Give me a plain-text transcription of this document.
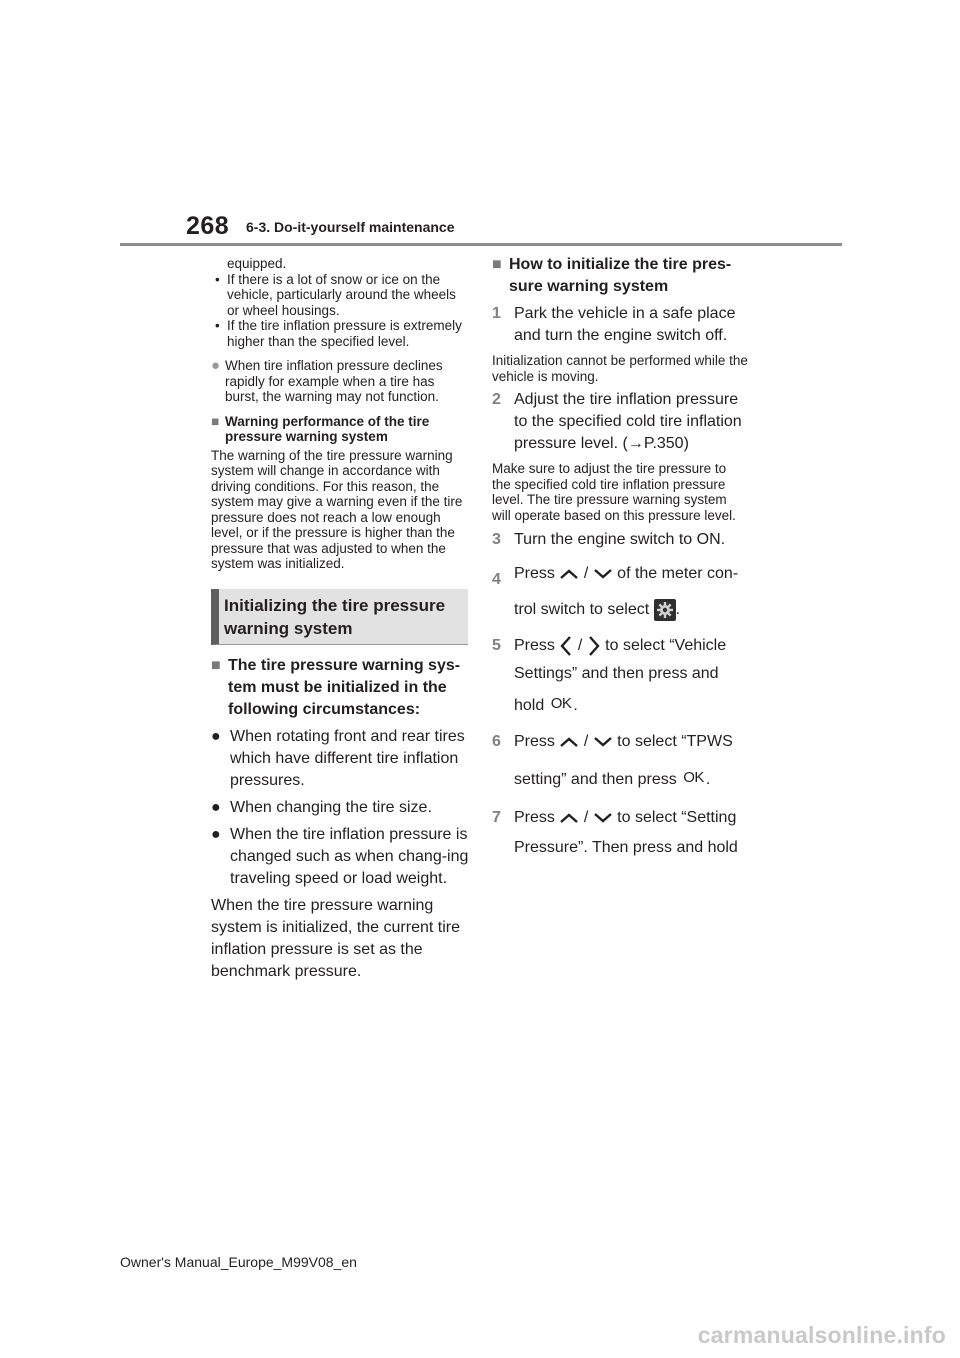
268 6-3. Do-it-yourself maintenance
equipped.
• If there is a lot of snow or ice on the vehicle, particularly around the wheels or wheel housings.
• If the tire inflation pressure is extremely higher than the specified level.
● When tire inflation pressure declines rapidly for example when a tire has burst, the warning may not function.
■ Warning performance of the tire pressure warning system
The warning of the tire pressure warning system will change in accordance with driving conditions. For this reason, the system may give a warning even if the tire pressure does not reach a low enough level, or if the pressure is higher than the pressure that was adjusted to when the system was initialized.
Initializing the tire pressure warning system
■ The tire pressure warning sys-tem must be initialized in the following circumstances:
● When rotating front and rear tires which have different tire inflation pressures.
● When changing the tire size.
● When the tire inflation pressure is changed such as when chang-ing traveling speed or load weight.
When the tire pressure warning system is initialized, the current tire inflation pressure is set as the benchmark pressure.
■ How to initialize the tire pres-sure warning system
1 Park the vehicle in a safe place and turn the engine switch off.
Initialization cannot be performed while the vehicle is moving.
2 Adjust the tire inflation pressure to the specified cold tire inflation pressure level. (→P.350)
Make sure to adjust the tire pressure to the specified cold tire inflation pressure level. The tire pressure warning system will operate based on this pressure level.
3 Turn the engine switch to ON.
4 Press / of the meter con-
trol switch to select .
5 Press / to select “Vehicle
Settings” and then press and
hold OK .
6 Press / to select “TPWS
setting” and then press OK .
7 Press / to select “Setting
Pressure”. Then press and hold
Owner's Manual_Europe_M99V08_en
carmanualsonline.info
